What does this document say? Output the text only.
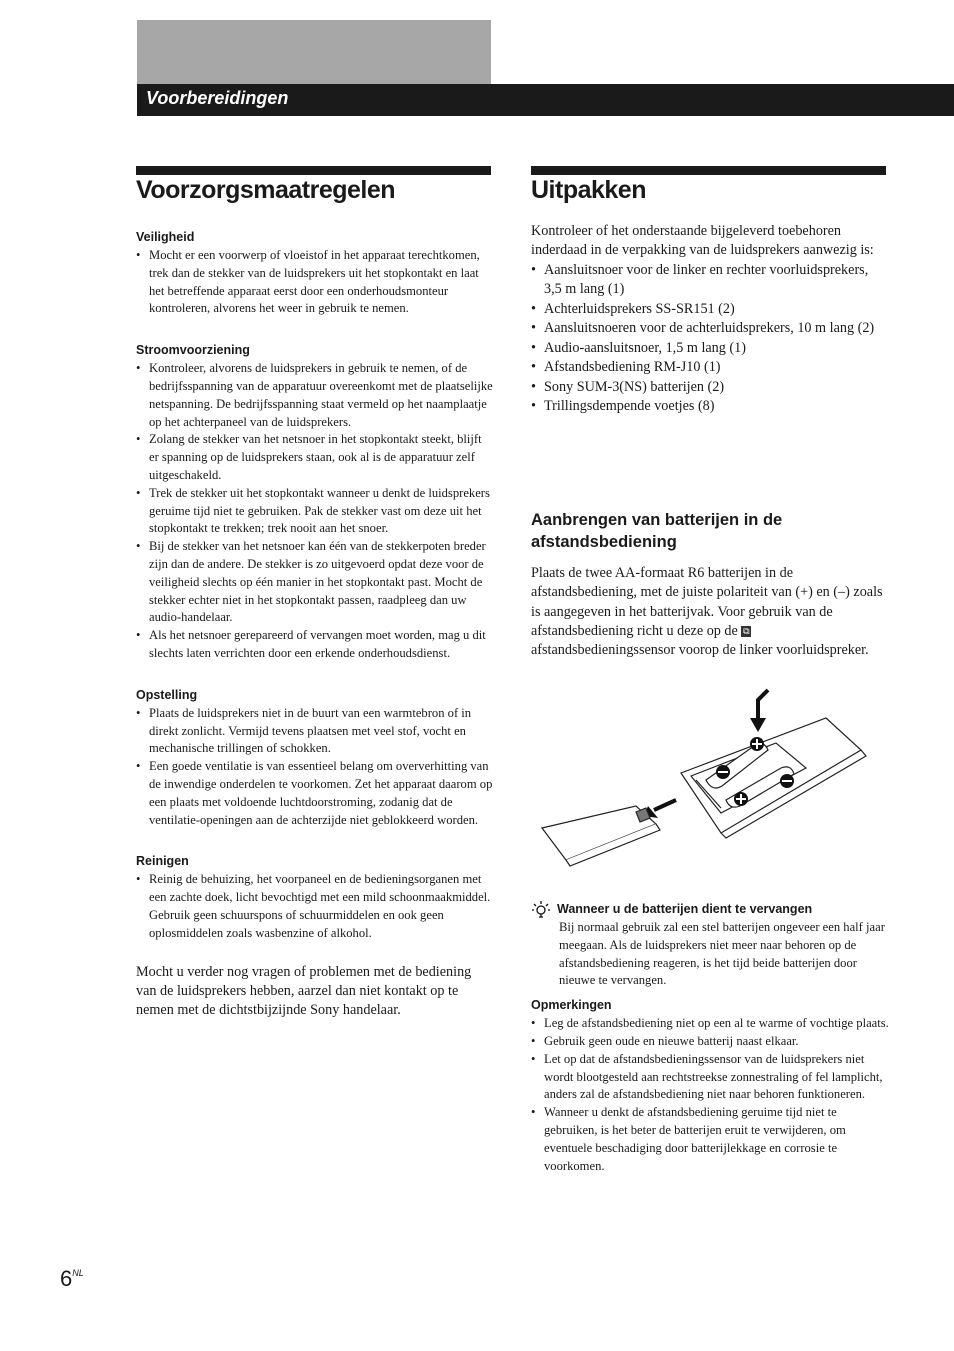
Voorbereidingen
Voorzorgsmaatregelen
Veiligheid
• Mocht er een voorwerp of vloeistof in het apparaat terechtkomen, trek dan de stekker van de luidsprekers uit het stopkontakt en laat het betreffende apparaat eerst door een onderhoudsmonteur kontroleren, alvorens het weer in gebruik te nemen.
Stroomvoorziening
• Kontroleer, alvorens de luidsprekers in gebruik te nemen, of de bedrijfsspanning van de apparatuur overeenkomt met de plaatselijke netspanning. De bedrijfsspanning staat vermeld op het naamplaatje op het achterpaneel van de luidsprekers.
• Zolang de stekker van het netsnoer in het stopkontakt steekt, blijft er spanning op de luidsprekers staan, ook al is de apparatuur zelf uitgeschakeld.
• Trek de stekker uit het stopkontakt wanneer u denkt de luidsprekers geruime tijd niet te gebruiken. Pak de stekker vast om deze uit het stopkontakt te trekken; trek nooit aan het snoer.
• Bij de stekker van het netsnoer kan één van de stekkerpoten breder zijn dan de andere. De stekker is zo uitgevoerd opdat deze voor de veiligheid slechts op één manier in het stopkontakt past. Mocht de stekker echter niet in het stopkontakt passen, raadpleeg dan uw audio-handelaar.
• Als het netsnoer gerepareerd of vervangen moet worden, mag u dit slechts laten verrichten door een erkende onderhoudsdienst.
Opstelling
• Plaats de luidsprekers niet in de buurt van een warmtebron of in direkt zonlicht. Vermijd tevens plaatsen met veel stof, vocht en mechanische trillingen of schokken.
• Een goede ventilatie is van essentieel belang om oververhitting van de inwendige onderdelen te voorkomen. Zet het apparaat daarom op een plaats met voldoende luchtdoorstroming, zodanig dat de ventilatie-openingen aan de achterzijde niet geblokkeerd worden.
Reinigen
• Reinig de behuizing, het voorpaneel en de bedieningsorganen met een zachte doek, licht bevochtigd met een mild schoonmaakmiddel. Gebruik geen schuurspons of schuurmiddelen en ook geen oplosmiddelen zoals wasbenzine of alkohol.

Mocht u verder nog vragen of problemen met de bediening van de luidsprekers hebben, aarzel dan niet kontakt op te nemen met de dichtstbijzijnde Sony handelaar.

Uitpakken

Kontroleer of het onderstaande bijgeleverd toebehoren inderdaad in de verpakking van de luidsprekers aanwezig is:

• Aansluitsnoer voor de linker en rechter voorluidsprekers, 3,5 m lang (1)
• Achterluidsprekers SS-SR151 (2)
• Aansluitsnoeren voor de achterluidsprekers, 10 m lang (2)
• Audio-aansluitsnoer, 1,5 m lang (1)
• Afstandsbediening RM-J10 (1)
• Sony SUM-3(NS) batterijen (2)
• Trillingsdempende voetjes (8)

Aanbrengen van batterijen in de afstandsbediening

Plaats de twee AA-formaat R6 batterijen in de afstandsbediening, met de juiste polariteit van (+) en (–) zoals is aangegeven in het batterijvak. Voor gebruik van de afstandsbediening richt u deze op de ⧉ afstandsbedieningssensor voorop de linker voorluidspreker.

Wanneer u de batterijen dient te vervangen

Bij normaal gebruik zal een stel batterijen ongeveer een half jaar meegaan. Als de luidsprekers niet meer naar behoren op de afstandsbediening reageren, is het tijd beide batterijen door nieuwe te vervangen.

Opmerkingen
• Leg de afstandsbediening niet op een al te warme of vochtige plaats.
• Gebruik geen oude en nieuwe batterij naast elkaar.
• Let op dat de afstandsbedieningssensor van de luidsprekers niet wordt blootgesteld aan rechtstreekse zonnestraling of fel lamplicht, anders zal de afstandsbediening niet naar behoren funktioneren.
• Wanneer u denkt de afstandsbediening geruime tijd niet te gebruiken, is het beter de batterijen eruit te verwijderen, om eventuele beschadiging door batterijlekkage en corrosie te voorkomen.
$6^{NL}$
